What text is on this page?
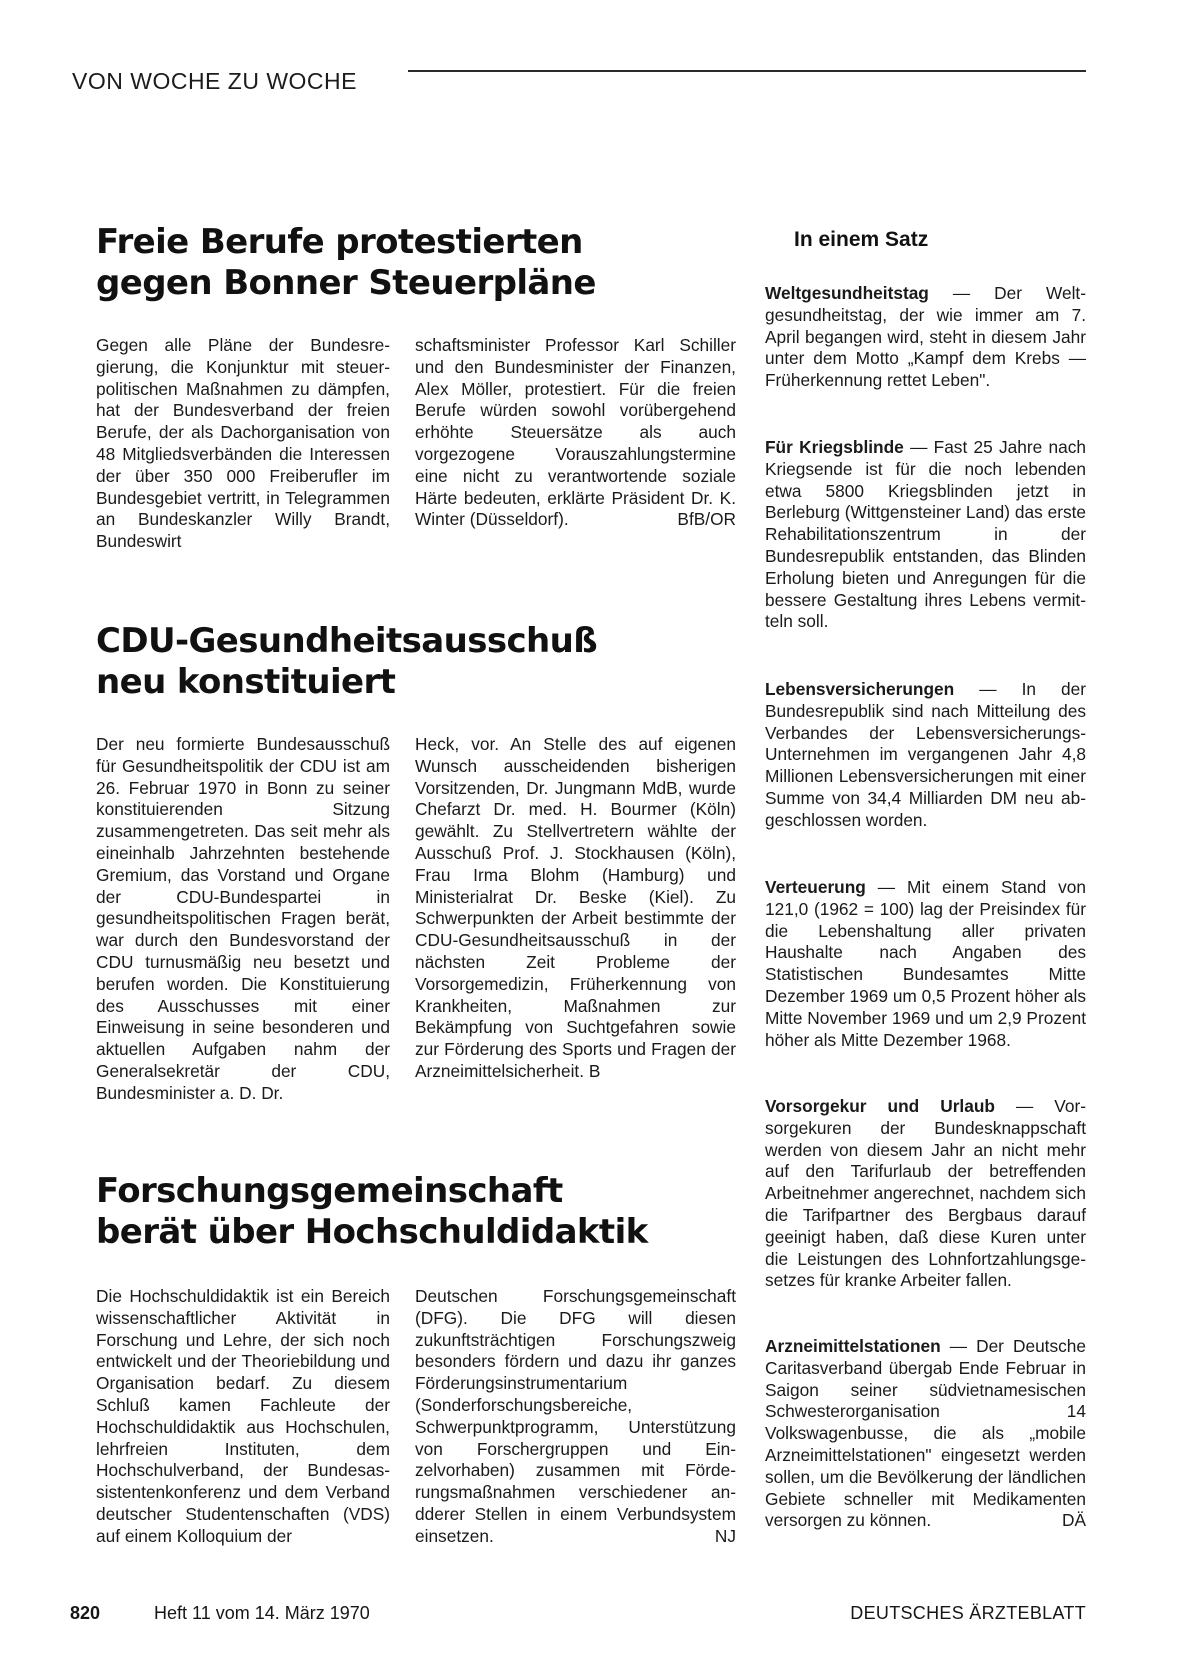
VON WOCHE ZU WOCHE
Freie Berufe protestierten
gegen Bonner Steuerpläne

Gegen alle Pläne der Bundesregierung, die Konjunktur mit steuerpolitischen Maßnahmen zu dämpfen, hat der Bundesverband der freien Berufe, der als Dachorganisation von 48 Mitgliedsverbänden die Interessen der über 350 000 Freiberufler im Bundesgebiet vertritt, in Telegrammen an Bundeskanzler Willy Brandt, Bundeswirt

schaftsminister Professor Karl Schiller und den Bundesminister der Finanzen, Alex Möller, protestiert. Für die freien Berufe würden sowohl vorübergehend erhöhte Steuersätze als auch vorgezogene Vorauszahlungstermine eine nicht zu verantwortende soziale Härte bedeuten, erklärte Präsident Dr. K. Winter (Düsseldorf).	BfB/OR

CDU-Gesundheitsausschuß
neu konstituiert

Der neu formierte Bundesausschuß für Gesundheitspolitik der CDU ist am 26. Februar 1970 in Bonn zu seiner konstituierenden Sitzung zusammengetreten. Das seit mehr als eineinhalb Jahrzehnten bestehende Gremium, das Vorstand und Organe der CDU-Bundespartei in gesundheitspolitischen Fragen berät, war durch den Bundesvorstand der CDU turnusmäßig neu besetzt und berufen worden. Die Konstituierung des Ausschusses mit einer Einweisung in seine besonderen und aktuellen Aufgaben nahm der Generalsekretär der CDU, Bundesminister a. D. Dr.

Heck, vor. An Stelle des auf eigenen Wunsch ausscheidenden bisherigen Vorsitzenden, Dr. Jungmann MdB, wurde Chefarzt Dr. med. H. Bourmer (Köln) gewählt. Zu Stellvertretern wählte der Ausschuß Prof. J. Stockhausen (Köln), Frau Irma Blohm (Hamburg) und Ministerialrat Dr. Beske (Kiel). Zu Schwerpunkten der Arbeit bestimmte der CDU-Gesundheitsausschuß in der nächsten Zeit Probleme der Vorsorgemedizin, Früherkennung von Krankheiten, Maßnahmen zur Bekämpfung von Suchtgefahren sowie zur Förderung des Sports und Fragen der Arzneimittelsicherheit. B

Forschungsgemeinschaft
berät über Hochschuldidaktik

Die Hochschuldidaktik ist ein Bereich wissenschaftlicher Aktivität in Forschung und Lehre, der sich noch entwickelt und der Theoriebildung und Organisation bedarf. Zu diesem Schluß kamen Fachleute der Hochschuldidaktik aus Hochschulen, lehrfreien Instituten, dem Hochschulverband, der Bundesassistentenkonferenz und dem Verband deutscher Studentenschaften (VDS) auf einem Kolloquium der

Deutschen Forschungsgemeinschaft (DFG). Die DFG will diesen zukunftsträchtigen Forschungszweig besonders fördern und dazu ihr ganzes Förderungsinstrumentarium (Sonderforschungsbereiche, Schwerpunktprogramm, Unterstützung von Forschergruppen und Einzelvorhaben) zusammen mit Förderungsmaßnahmen verschiedener andderer Stellen in einem Verbundsystem einsetzen.	NJ

In einem Satz

Weltgesundheitstag — Der Weltgesundheitstag, der wie immer am 7. April begangen wird, steht in diesem Jahr unter dem Motto „Kampf dem Krebs — Früherkennung rettet Leben".

Für Kriegsblinde — Fast 25 Jahre nach Kriegsende ist für die noch lebenden etwa 5800 Kriegsblinden jetzt in Berleburg (Wittgensteiner Land) das erste Rehabilitationszentrum in der Bundesrepublik entstanden, das Blinden Erholung bieten und Anregungen für die bessere Gestaltung ihres Lebens vermitteln soll.

Lebensversicherungen — In der Bundesrepublik sind nach Mitteilung des Verbandes der Lebensversicherungs-Unternehmen im vergangenen Jahr 4,8 Millionen Lebensversicherungen mit einer Summe von 34,4 Milliarden DM neu abgeschlossen worden.

Verteuerung — Mit einem Stand von 121,0 (1962 = 100) lag der Preisindex für die Lebenshaltung aller privaten Haushalte nach Angaben des Statistischen Bundesamtes Mitte Dezember 1969 um 0,5 Prozent höher als Mitte November 1969 und um 2,9 Prozent höher als Mitte Dezember 1968.

Vorsorgekur und Urlaub — Vorsorgekuren der Bundesknappschaft werden von diesem Jahr an nicht mehr auf den Tarifurlaub der betreffenden Arbeitnehmer angerechnet, nachdem sich die Tarifpartner des Bergbaus darauf geeinigt haben, daß diese Kuren unter die Leistungen des Lohnfortzahlungsgesetzes für kranke Arbeiter fallen.

Arzneimittelstationen — Der Deutsche Caritasverband übergab Ende Februar in Saigon seiner südvietnamesischen Schwesterorganisation 14 Volkswagenbusse, die als „mobile Arzneimittelstationen" eingesetzt werden sollen, um die Bevölkerung der ländlichen Gebiete schneller mit Medikamenten versorgen zu können.	DÄ

820	Heft 11 vom 14. März 1970	DEUTSCHES ÄRZTEBLATT
